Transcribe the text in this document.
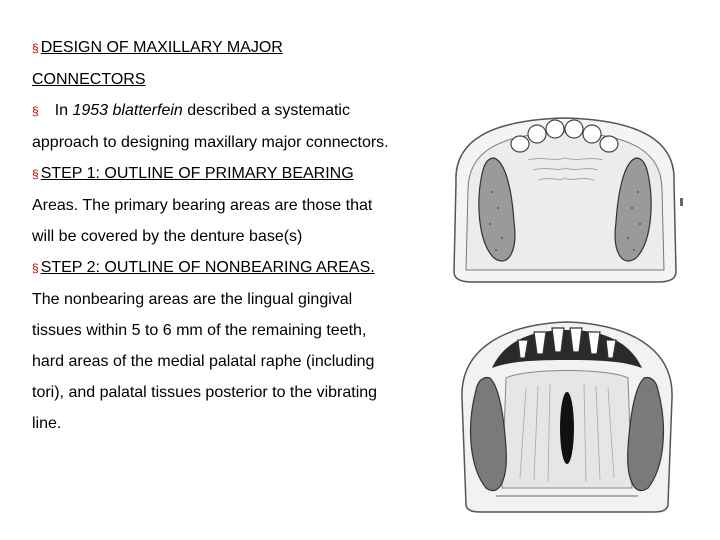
§ DESIGN OF MAXILLARY MAJOR
CONNECTORS
§ In 1953 blatterfein described a systematic
approach to designing maxillary major connectors.
§ STEP 1: OUTLINE OF PRIMARY BEARING
Areas. The primary bearing areas are those that
will be covered by the denture base(s)
§ STEP 2: OUTLINE OF NONBEARING AREAS.
The nonbearing areas are the lingual gingival
tissues within 5 to 6 mm of the remaining teeth,
hard areas of the medial palatal raphe (including
tori), and palatal tissues posterior to the vibrating
line.
